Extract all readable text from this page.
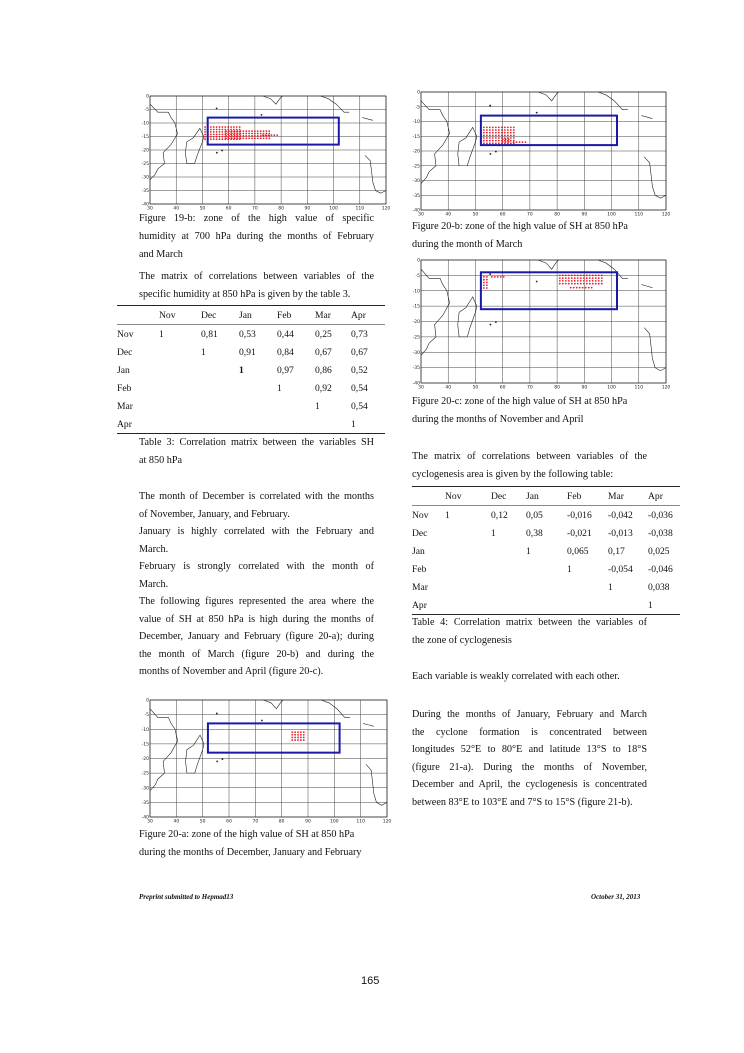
30	40	50	60	70	80	90	100	110	120
0
-5
-10
-15
-20
-25
-30
-35
-40
Figure 19-b: zone of the high value of specific
humidity at 700 hPa during the months of February
and March
The matrix of correlations between variables of the
specific humidity at 850 hPa is given by the table 3.
	Nov	Dec	Jan	Feb	Mar	Apr
Nov	1	0,81	0,53	0,44	0,25	0,73
Dec		1	0,91	0,84	0,67	0,67
Jan			1	0,97	0,86	0,52
Feb				1	0,92	0,54
Mar					1	0,54
Apr						1
Table 3: Correlation matrix between the variables SH
at 850 hPa
The month of December is correlated with the months
of November, January, and February.
January is highly correlated with the February and
March.
February is strongly correlated with the month of
March.
The following figures represented the area where the
value of SH at 850 hPa is high during the months of
December, January and February (figure 20-a); during
the month of March (figure 20-b) and during the
months of November and April (figure 20-c).
30	40	50	60	70	80	90	100	110	120
0
-5
-10
-15
-20
-25
-30
-35
-40
Figure 20-a: zone of the high value of SH at 850 hPa
during the months of December, January and February
30	40	50	60	70	80	90	100	110	120
0
-5
-10
-15
-20
-25
-30
-35
-40
Figure 20-b: zone of the high value of SH at 850 hPa
during the month of March
30	40	50	60	70	80	90	100	110	120
0
-5
-10
-15
-20
-25
-30
-35
-40
Figure 20-c: zone of the high value of SH at 850 hPa
during the months of November and April
The matrix of correlations between variables of the
cyclogenesis area is given by the following table:
	Nov	Dec	Jan	Feb	Mar	Apr
Nov	1	0,12	0,05	-0,016	-0,042	-0,036
Dec		1	0,38	-0,021	-0,013	-0,038
Jan			1	0,065	0,17	0,025
Feb				1	-0,054	-0,046
Mar					1	0,038
Apr						1
Table 4: Correlation matrix between the variables of
the zone of cyclogenesis
Each variable is weakly correlated with each other.
During the months of January, February and March
the cyclone formation is concentrated between
longitudes 52°E to 80°E and latitude 13°S to 18°S
(figure 21-a). During the months of November,
December and April, the cyclogenesis is concentrated
between 83°E to 103°E and 7°S to 15°S (figure 21-b).
Preprint submitted to Hepmad13	October 31, 2013
165
